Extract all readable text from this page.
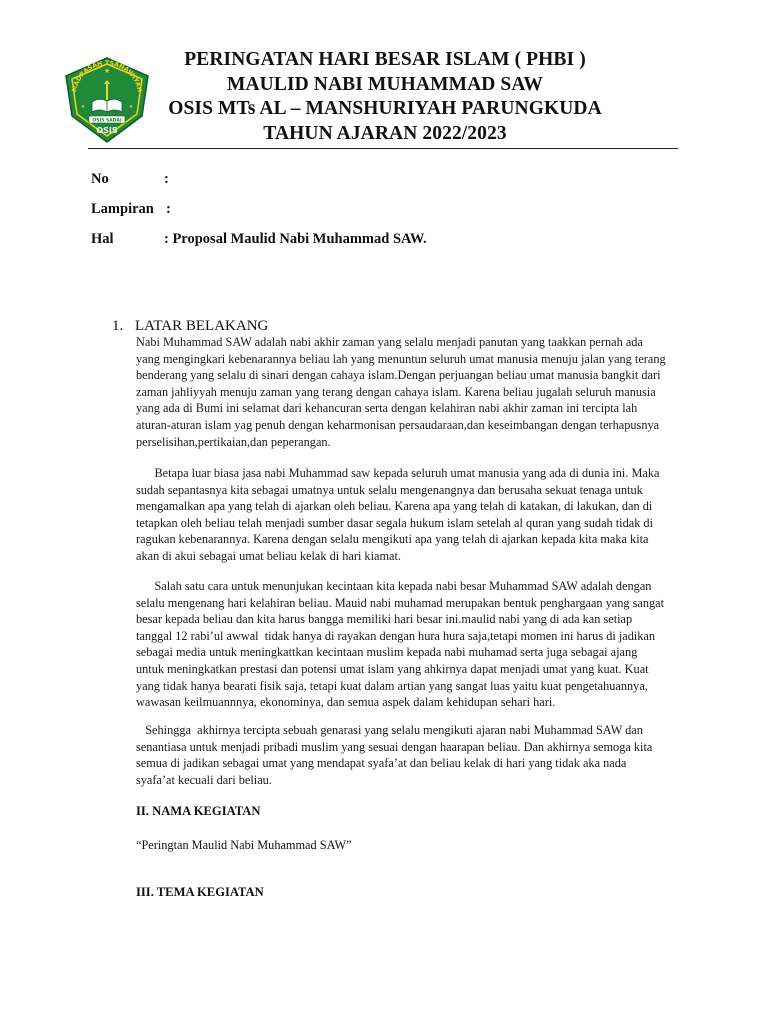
MADRASAH TSANAWIYAH
★
★	★
OSIS SADAI
OSIS
PERINGATAN HARI BESAR ISLAM ( PHBI )
MAULID NABI MUHAMMAD SAW
OSIS MTs AL – MANSHURIYAH PARUNGKUDA
TAHUN AJARAN 2022/2023
No	:
Lampiran :
Hal	: Proposal Maulid Nabi Muhammad SAW.
1. LATAR BELAKANG
Nabi Muhammad SAW adalah nabi akhir zaman yang selalu menjadi panutan yang taakkan pernah ada
yang mengingkari kebenarannya beliau lah yang menuntun seluruh umat manusia menuju jalan yang terang
benderang yang selalu di sinari dengan cahaya islam.Dengan perjuangan beliau umat manusia bangkit dari
zaman jahliyyah menuju zaman yang terang dengan cahaya islam. Karena beliau jugalah seluruh manusia
yang ada di Bumi ini selamat dari kehancuran serta dengan kelahiran nabi akhir zaman ini tercipta lah
aturan-aturan islam yag penuh dengan keharmonisan persaudaraan,dan keseimbangan dengan terhapusnya
perselisihan,pertikaian,dan peperangan.
Betapa luar biasa jasa nabi Muhammad saw kepada seluruh umat manusia yang ada di dunia ini. Maka
sudah sepantasnya kita sebagai umatnya untuk selalu mengenangnya dan berusaha sekuat tenaga untuk
mengamalkan apa yang telah di ajarkan oleh beliau. Karena apa yang telah di katakan, di lakukan, dan di
tetapkan oleh beliau telah menjadi sumber dasar segala hukum islam setelah al quran yang sudah tidak di
ragukan kebenarannya. Karena dengan selalu mengikuti apa yang telah di ajarkan kepada kita maka kita
akan di akui sebagai umat beliau kelak di hari kiamat.
Salah satu cara untuk menunjukan kecintaan kita kepada nabi besar Muhammad SAW adalah dengan
selalu mengenang hari kelahiran beliau. Mauid nabi muhamad merupakan bentuk penghargaan yang sangat
besar kepada beliau dan kita harus bangga memiliki hari besar ini.maulid nabi yang di ada kan setiap
tanggal 12 rabi’ul awwal  tidak hanya di rayakan dengan hura hura saja,tetapi momen ini harus di jadikan
sebagai media untuk meningkattkan kecintaan muslim kepada nabi muhamad serta juga sebagai ajang
untuk meningkatkan prestasi dan potensi umat islam yang ahkirnya dapat menjadi umat yang kuat. Kuat
yang tidak hanya bearati fisik saja, tetapi kuat dalam artian yang sangat luas yaitu kuat pengetahuannya,
wawasan keilmuannnya, ekonominya, dan semua aspek dalam kehidupan sehari hari.
Sehingga  akhirnya tercipta sebuah genarasi yang selalu mengikuti ajaran nabi Muhammad SAW dan
senantiasa untuk menjadi pribadi muslim yang sesuai dengan haarapan beliau. Dan akhirnya semoga kita
semua di jadikan sebagai umat yang mendapat syafa’at dan beliau kelak di hari yang tidak aka nada
syafa’at kecuali dari beliau.
II. NAMA KEGIATAN
“Peringtan Maulid Nabi Muhammad SAW”
III. TEMA KEGIATAN
